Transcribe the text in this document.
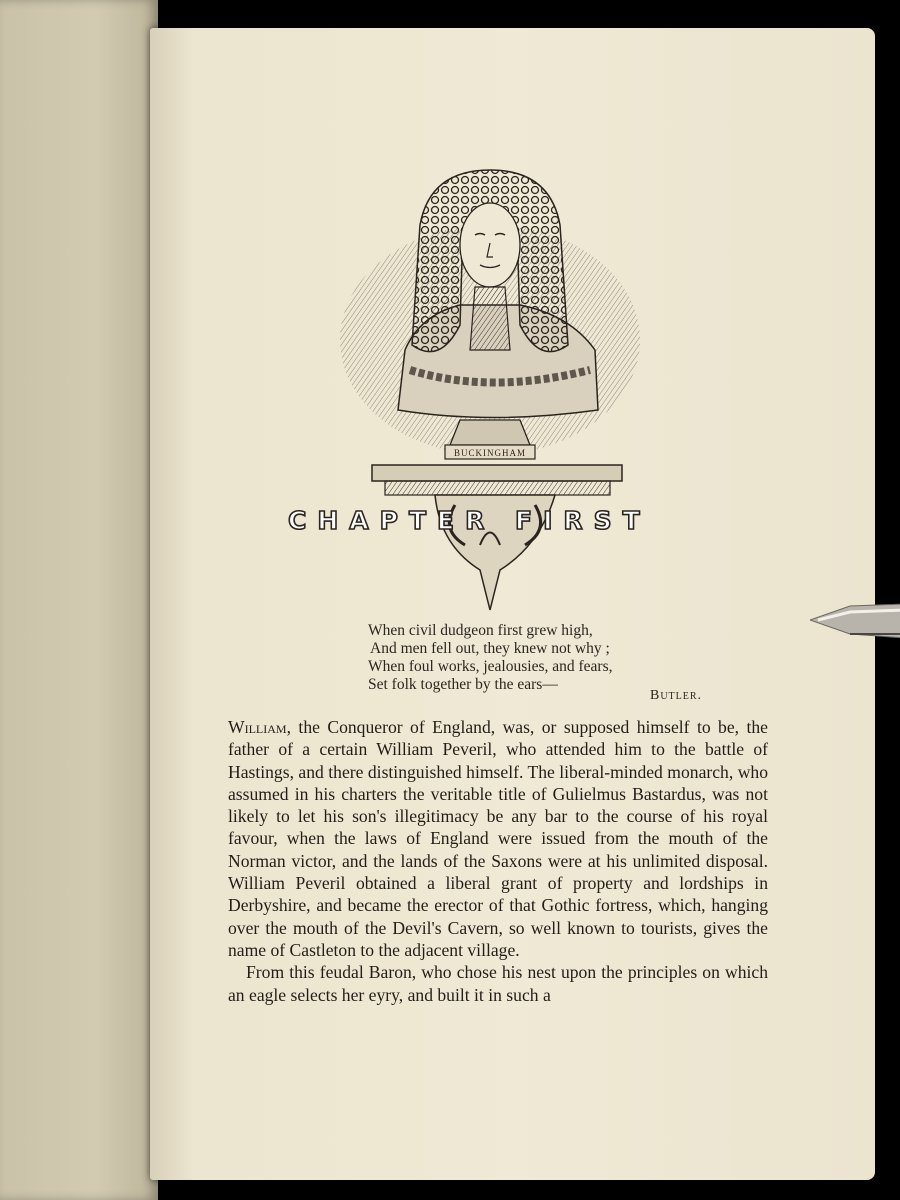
BUCKINGHAM
CHAPTER FIRST
When civil dudgeon first grew high,
And men fell out, they knew not why ;
When foul works, jealousies, and fears,
Set folk together by the ears—
Butler.

William, the Conqueror of England, was, or supposed himself to be, the father of a certain William Peveril, who attended him to the battle of Hastings, and there distinguished himself. The liberal-minded monarch, who assumed in his charters the veritable title of Gulielmus Bastardus, was not likely to let his son's illegitimacy be any bar to the course of his royal favour, when the laws of England were issued from the mouth of the Norman victor, and the lands of the Saxons were at his unlimited disposal. William Peveril obtained a liberal grant of property and lordships in Derbyshire, and became the erector of that Gothic fortress, which, hanging over the mouth of the Devil's Cavern, so well known to tourists, gives the name of Castleton to the adjacent village.

From this feudal Baron, who chose his nest upon the principles on which an eagle selects her eyry, and built it in such a
